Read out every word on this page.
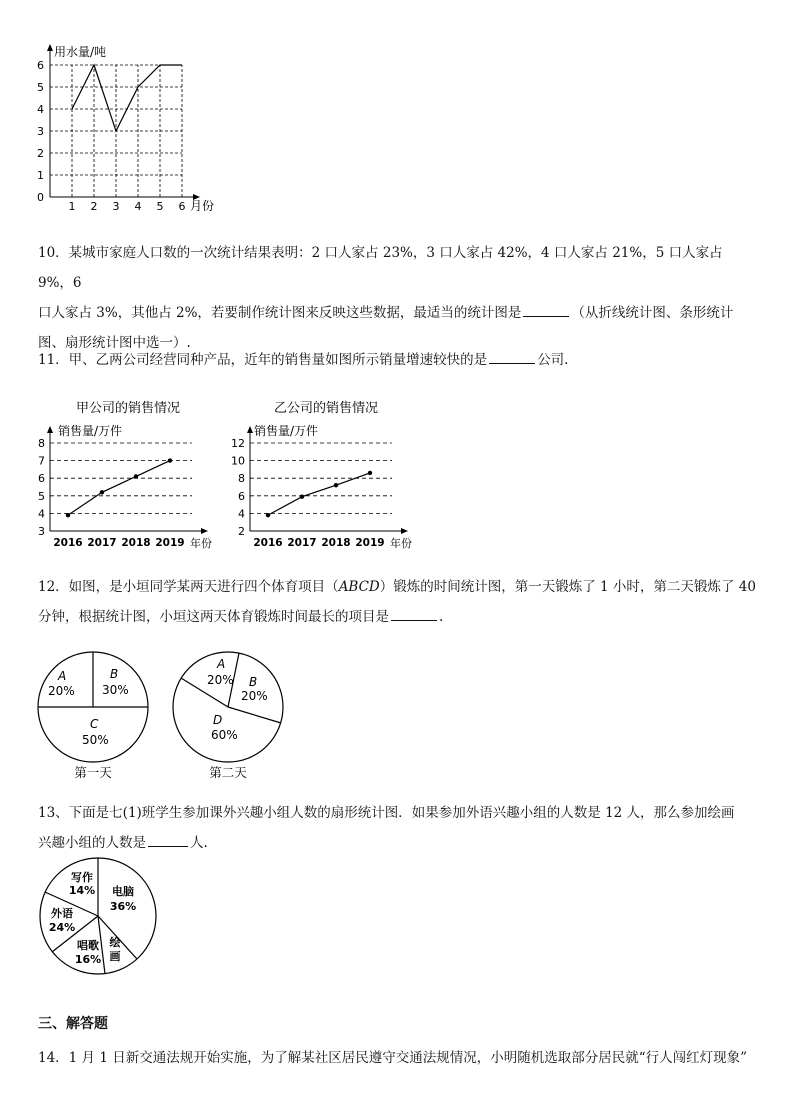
用水量/吨
月份
0
1
2
3
4
5
6
1 2 3 4 5 6

10．某城市家庭人口数的一次统计结果表明：2 口人家占 23%，3 口人家占 42%，4 口人家占 21%，5 口人家占 9%，6
口人家占 3%，其他占 2%，若要制作统计图来反映这些数据，最适当的统计图是	（从折线统计图、条形统计
图、扇形统计图中选一）.

11．甲、乙两公司经营同种产品，近年的销售量如图所示销量增速较快的是	公司.

甲公司的销售情况
销售量/万件
年份
3
4
5
6
7
8
2016 2017 2018 2019
乙公司的销售情况
销售量/万件
年份
2
4
6
8
10
12
2016 2017 2018 2019

12．如图，是小垣同学某两天进行四个体育项目（ABCD）锻炼的时间统计图，第一天锻炼了 1 小时，第二天锻炼了 40
分钟，根据统计图，小垣这两天体育锻炼时间最长的项目是	.

A
20%
B
30%
C
50%
第一天
A
20% B
20%
D
60%
第二天

13、下面是七(1)班学生参加课外兴趣小组人数的扇形统计图．如果参加外语兴趣小组的人数是 12 人，那么参加绘画
兴趣小组的人数是	人.

写作
14% 电脑
36%
外语
24%
唱歌
16%
绘
画
三、解答题

14．1 月 1 日新交通法规开始实施，为了解某社区居民遵守交通法规情况，小明随机选取部分居民就“行人闯红灯现象”
